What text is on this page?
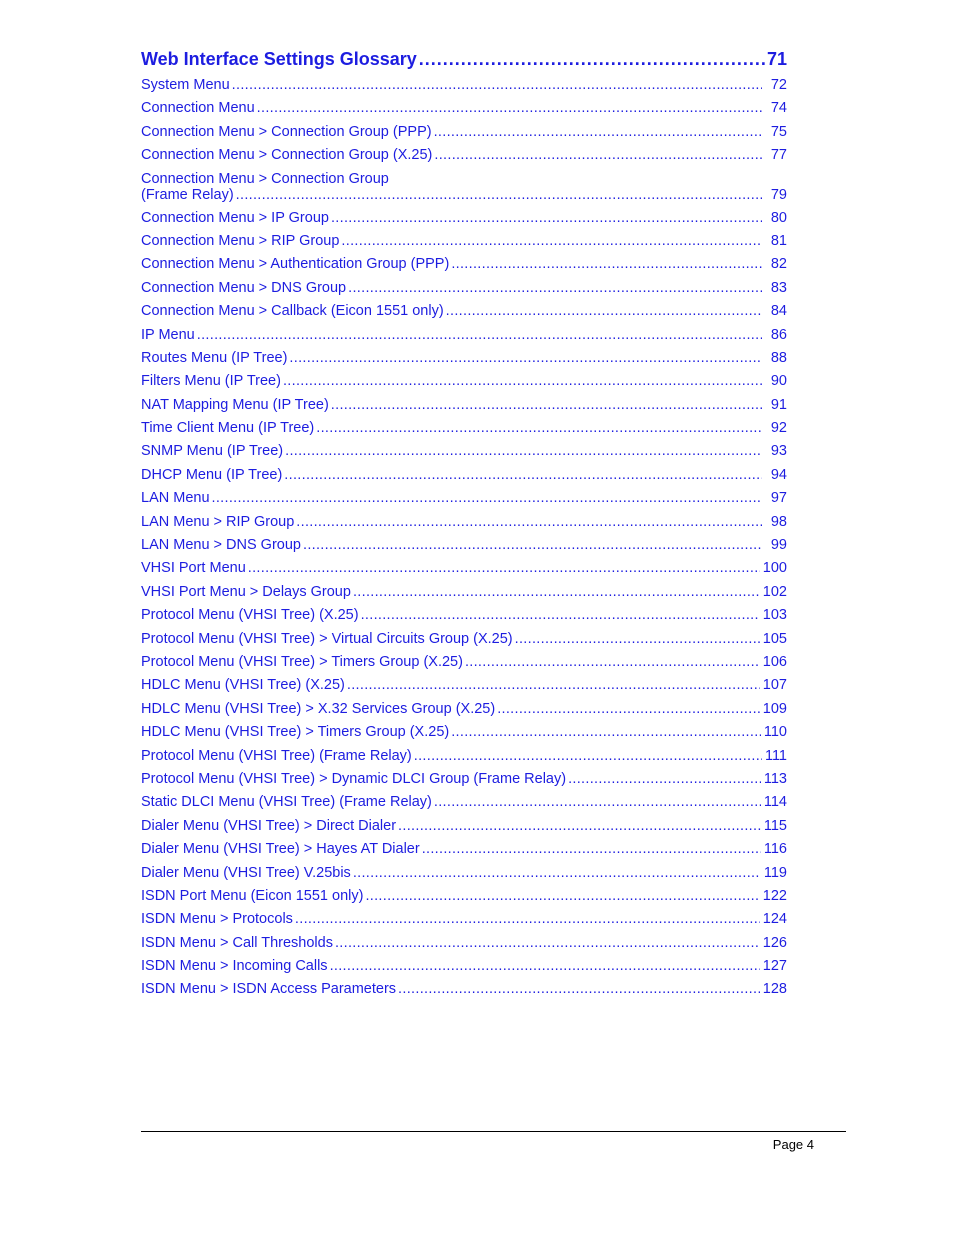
Web Interface Settings Glossary .....	71
System Menu .....	72
Connection Menu .....	74
Connection Menu > Connection Group (PPP) .....	75
Connection Menu > Connection Group (X.25) .....	77
Connection Menu > Connection Group
(Frame Relay) .....	79
Connection Menu > IP Group .....	80
Connection Menu > RIP Group .....	81
Connection Menu > Authentication Group (PPP) .....	82
Connection Menu > DNS Group .....	83
Connection Menu > Callback (Eicon 1551 only) .....	84
IP Menu .....	86
Routes Menu (IP Tree) .....	88
Filters Menu (IP Tree) .....	90
NAT Mapping Menu (IP Tree) .....	91
Time Client Menu (IP Tree) .....	92
SNMP Menu (IP Tree) .....	93
DHCP Menu (IP Tree) .....	94
LAN Menu .....	97
LAN Menu > RIP Group .....	98
LAN Menu > DNS Group .....	99
VHSI Port Menu .....	100
VHSI Port Menu > Delays Group .....	102
Protocol Menu (VHSI Tree) (X.25) .....	103
Protocol Menu (VHSI Tree) > Virtual Circuits Group (X.25) .....	105
Protocol Menu (VHSI Tree) > Timers Group (X.25) .....	106
HDLC Menu (VHSI Tree) (X.25) .....	107
HDLC Menu (VHSI Tree) > X.32 Services Group (X.25) .....	109
HDLC Menu (VHSI Tree) > Timers Group (X.25) .....	110
Protocol Menu (VHSI Tree) (Frame Relay) .....	111
Protocol Menu (VHSI Tree) > Dynamic DLCI Group (Frame Relay) .....	113
Static DLCI Menu (VHSI Tree) (Frame Relay) .....	114
Dialer Menu (VHSI Tree) > Direct Dialer .....	115
Dialer Menu (VHSI Tree) > Hayes AT Dialer .....	116
Dialer Menu (VHSI Tree) V.25bis .....	119
ISDN Port Menu (Eicon 1551 only) .....	122
ISDN Menu > Protocols .....	124
ISDN Menu > Call Thresholds .....	126
ISDN Menu > Incoming Calls .....	127
ISDN Menu > ISDN Access Parameters .....	128
Page 4
